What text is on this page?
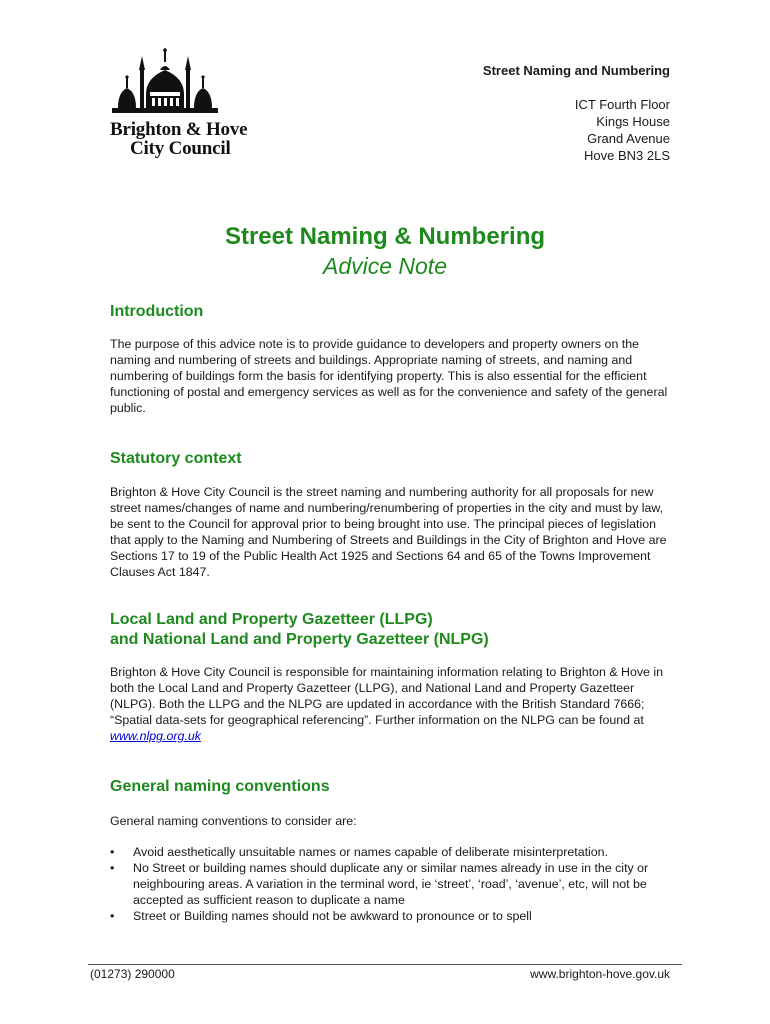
Brighton & Hove
City Council
Street Naming and Numbering
ICT Fourth Floor
Kings House
Grand Avenue
Hove BN3 2LS
Street Naming & Numbering
Advice Note
Introduction

The purpose of this advice note is to provide guidance to developers and property owners on the naming and numbering of streets and buildings. Appropriate naming of streets, and naming and numbering of buildings form the basis for identifying property. This is also essential for the efficient functioning of postal and emergency services as well as for the convenience and safety of the general public.

Statutory context

Brighton & Hove City Council is the street naming and numbering authority for all proposals for new street names/changes of name and numbering/renumbering of properties in the city and must by law, be sent to the Council for approval prior to being brought into use. The principal pieces of legislation that apply to the Naming and Numbering of Streets and Buildings in the City of Brighton and Hove are Sections 17 to 19 of the Public Health Act 1925 and Sections 64 and 65 of the Towns Improvement Clauses Act 1847.

Local Land and Property Gazetteer (LLPG)
and National Land and Property Gazetteer (NLPG)

Brighton & Hove City Council is responsible for maintaining information relating to Brighton & Hove in both the Local Land and Property Gazetteer (LLPG), and National Land and Property Gazetteer (NLPG). Both the LLPG and the NLPG are updated in accordance with the British Standard 7666; “Spatial data-sets for geographical referencing”. Further information on the NLPG can be found at www.nlpg.org.uk

General naming conventions

General naming conventions to consider are:

• Avoid aesthetically unsuitable names or names capable of deliberate misinterpretation.
• No Street or building names should duplicate any or similar names already in use in the city or neighbouring areas. A variation in the terminal word, ie ‘street’, ‘road’, ‘avenue’, etc, will not be accepted as sufficient reason to duplicate a name
• Street or Building names should not be awkward to pronounce or to spell
(01273) 290000	www.brighton-hove.gov.uk
